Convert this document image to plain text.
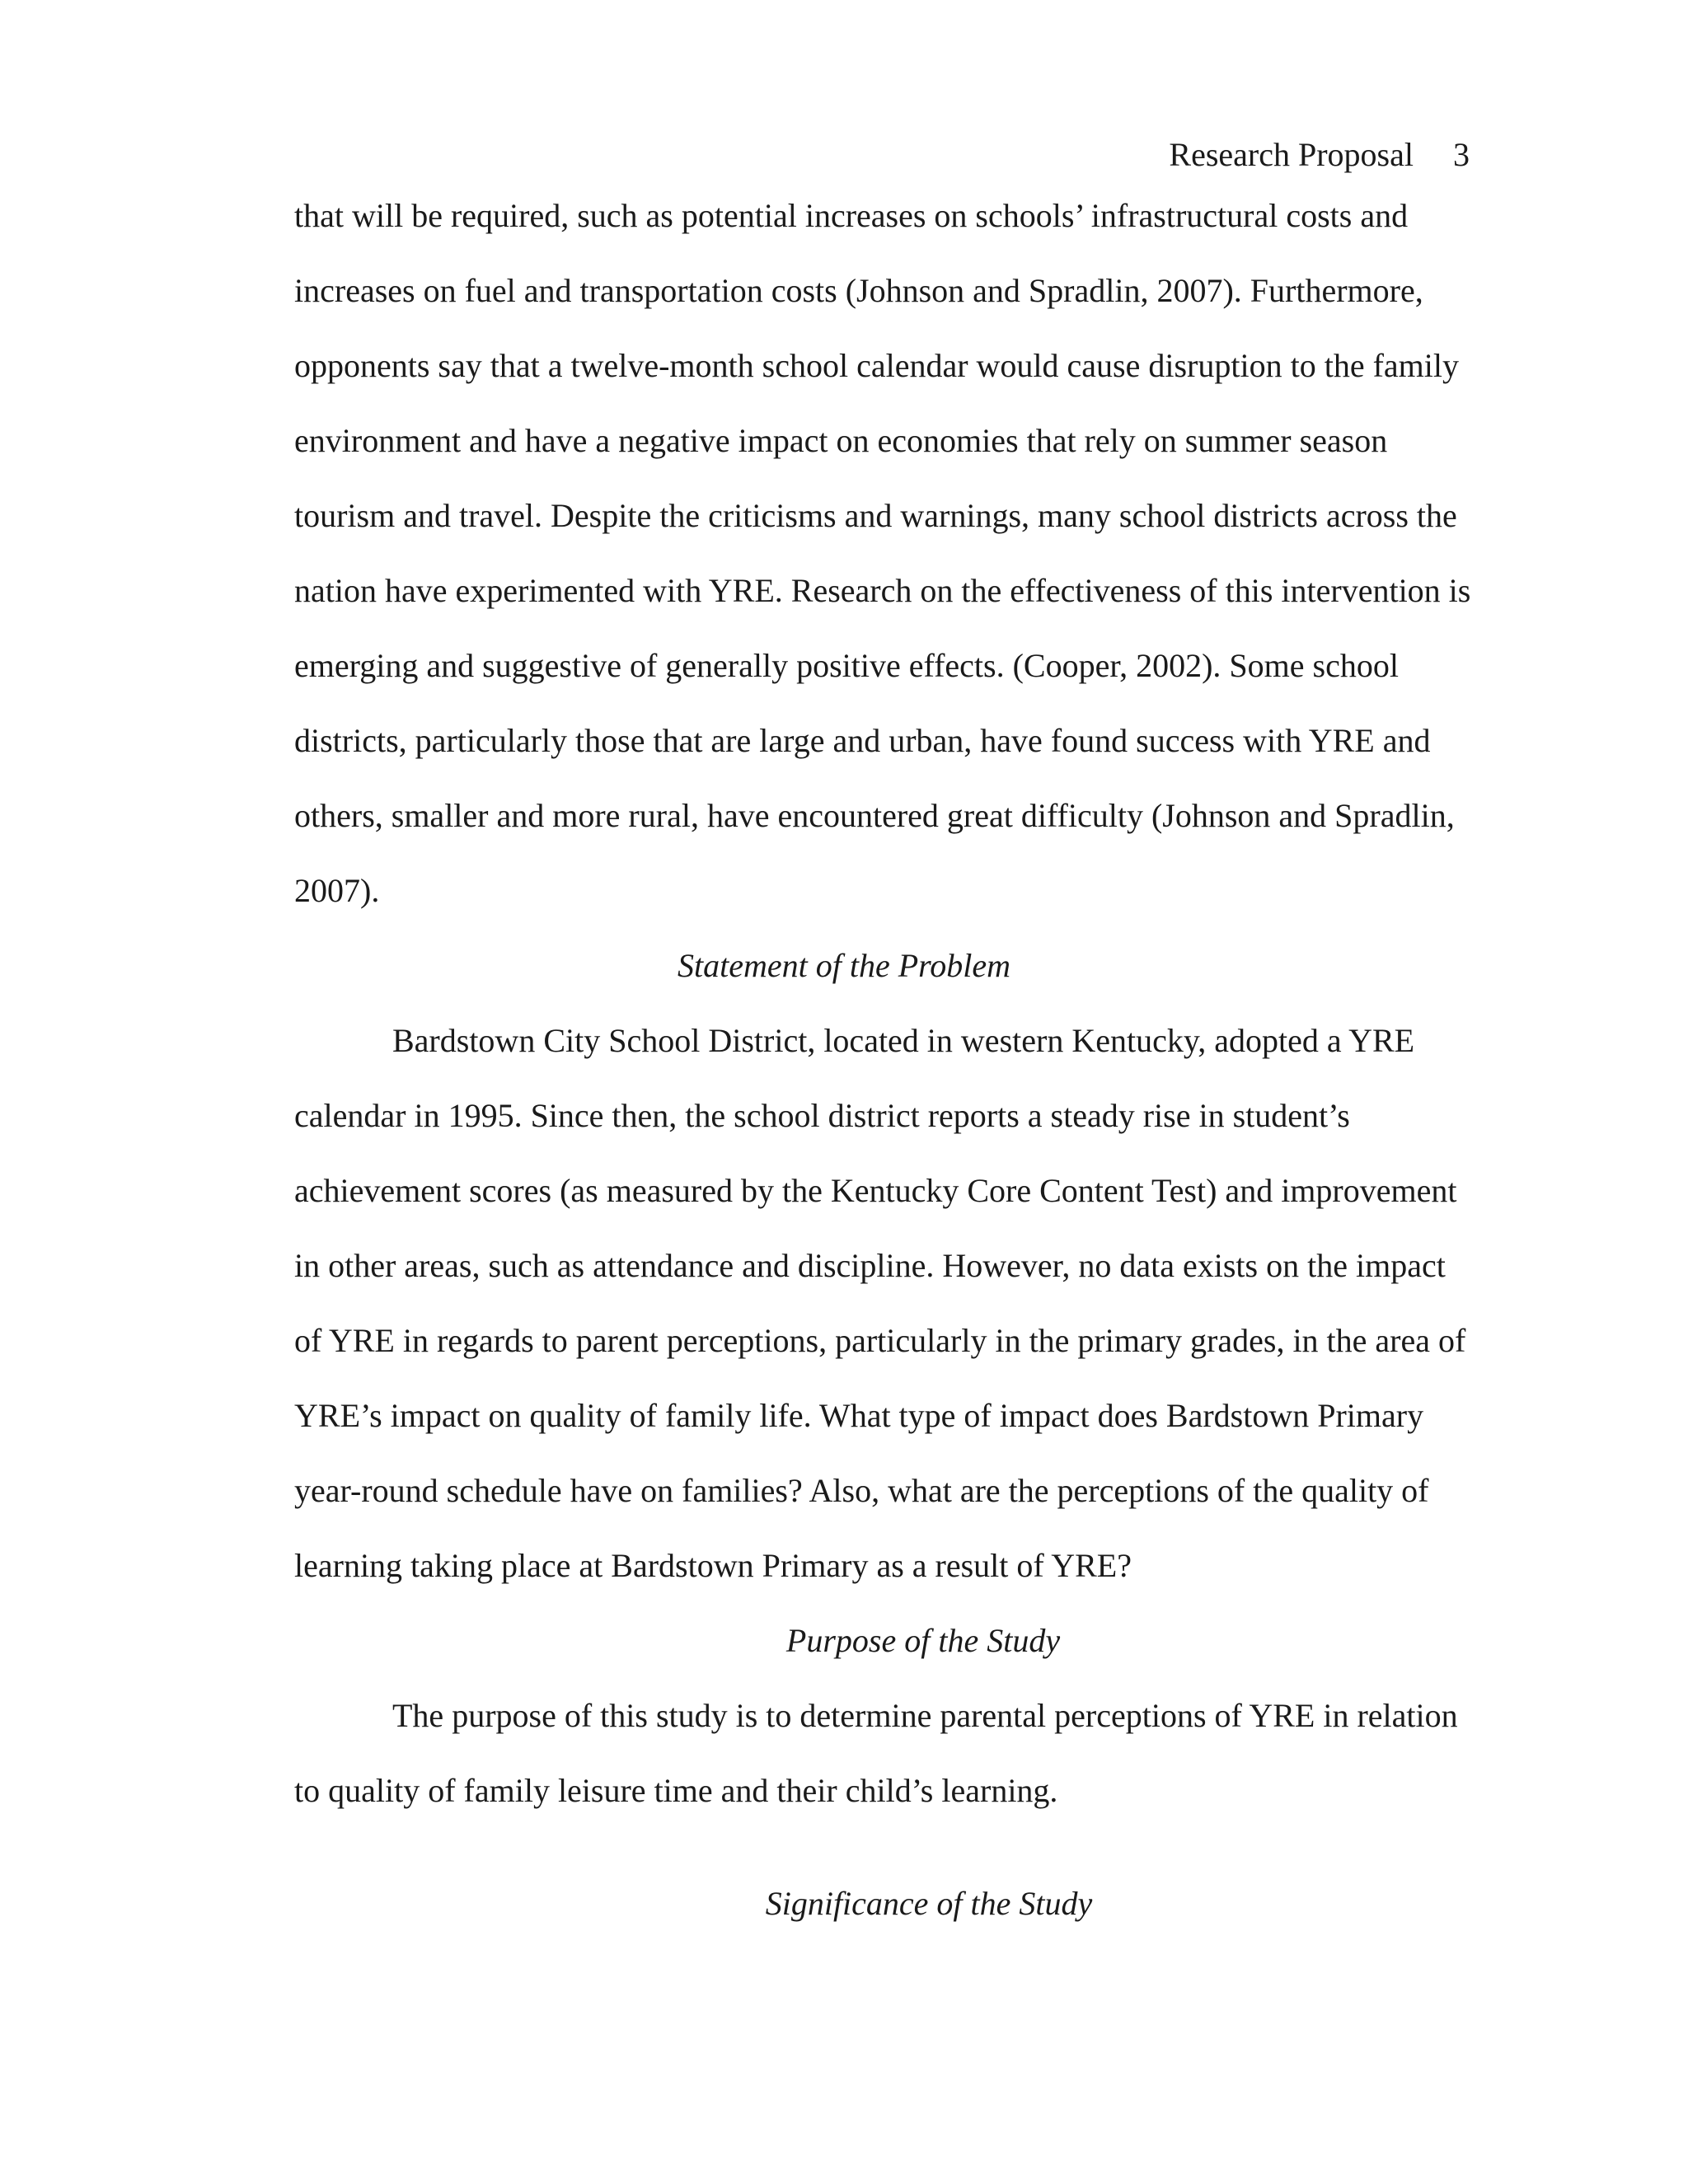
Research Proposal 3
that will be required, such as potential increases on schools’ infrastructural costs and
increases on fuel and transportation costs (Johnson and Spradlin, 2007). Furthermore,
opponents say that a twelve-month school calendar would cause disruption to the family
environment and have a negative impact on economies that rely on summer season
tourism and travel. Despite the criticisms and warnings, many school districts across the
nation have experimented with YRE. Research on the effectiveness of this intervention is
emerging and suggestive of generally positive effects. (Cooper, 2002). Some school
districts, particularly those that are large and urban, have found success with YRE and
others, smaller and more rural, have encountered great difficulty (Johnson and Spradlin,
2007).
Statement of the Problem
Bardstown City School District, located in western Kentucky, adopted a YRE
calendar in 1995. Since then, the school district reports a steady rise in student’s
achievement scores (as measured by the Kentucky Core Content Test) and improvement
in other areas, such as attendance and discipline. However, no data exists on the impact
of YRE in regards to parent perceptions, particularly in the primary grades, in the area of
YRE’s impact on quality of family life. What type of impact does Bardstown Primary
year-round schedule have on families? Also, what are the perceptions of the quality of
learning taking place at Bardstown Primary as a result of YRE?
Purpose of the Study
The purpose of this study is to determine parental perceptions of YRE in relation
to quality of family leisure time and their child’s learning.
Significance of the Study
